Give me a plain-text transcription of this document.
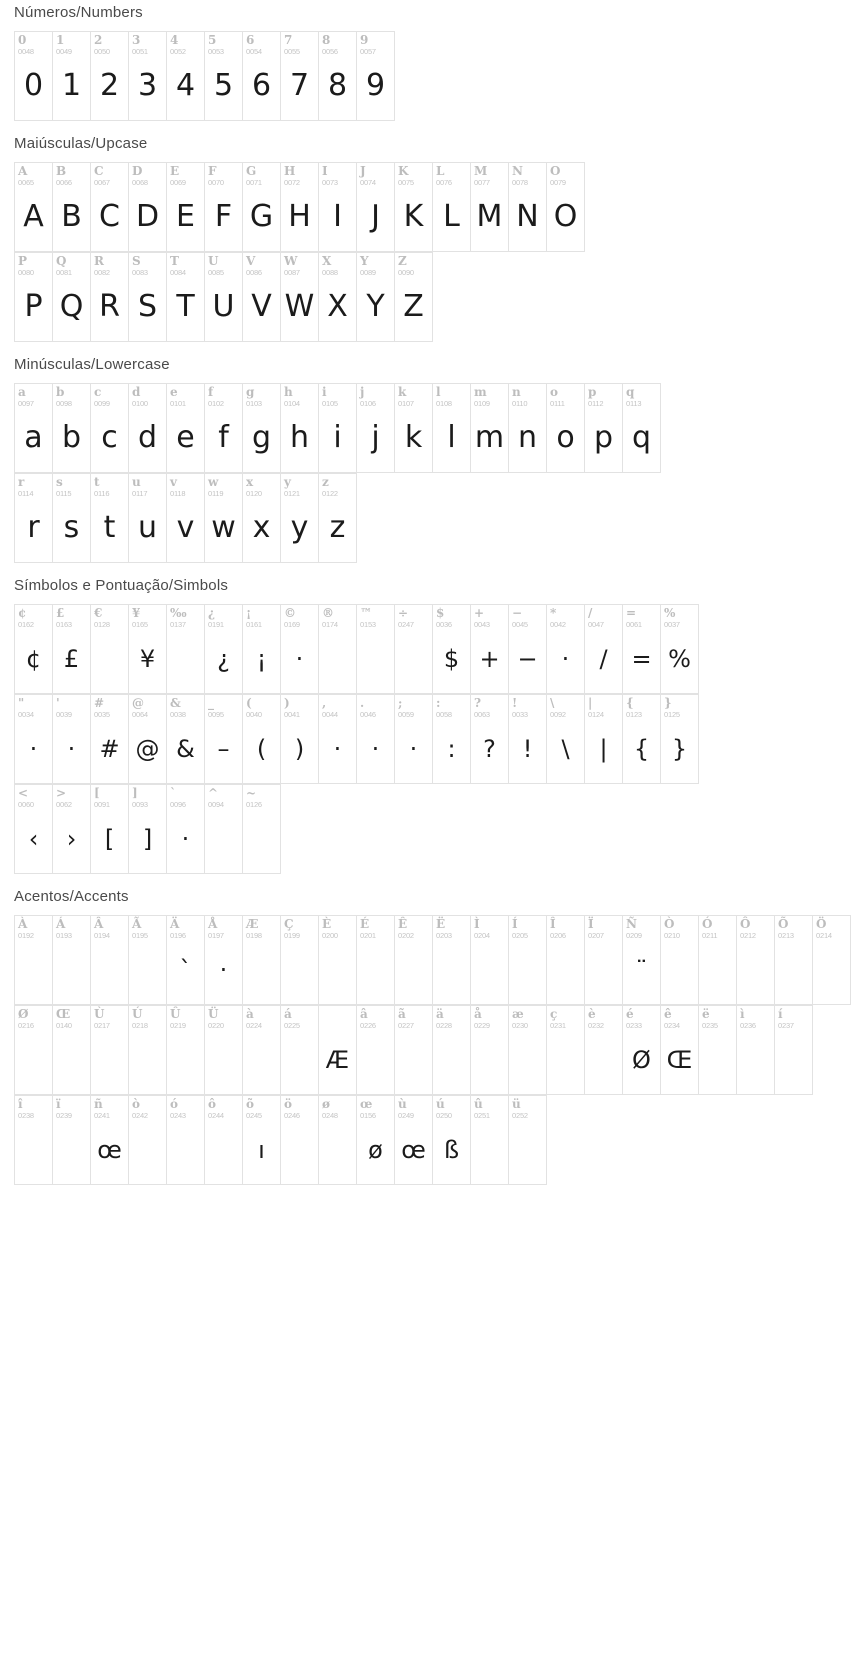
Números/Numbers
0
0048
0
1
0049
1
2
0050
2
3
0051
3
4
0052
4
5
0053
5
6
0054
6
7
0055
7
8
0056
8
9
0057
9
Maiúsculas/Upcase
A
0065
A
B
0066
B
C
0067
C
D
0068
D
E
0069
E
F
0070
F
G
0071
G
H
0072
H
I
0073
I
J
0074
J
K
0075
K
L
0076
L
M
0077
M
N
0078
N
O
0079
O
P
0080
P
Q
0081
Q
R
0082
R
S
0083
S
T
0084
T
U
0085
U
V
0086
V
W
0087
W
X
0088
X
Y
0089
Y
Z
0090
Z
Minúsculas/Lowercase
a
0097
a
b
0098
b
c
0099
c
d
0100
d
e
0101
e
f
0102
f
g
0103
g
h
0104
h
i
0105
i
j
0106
j
k
0107
k
l
0108
l
m
0109
m
n
0110
n
o
0111
o
p
0112
p
q
0113
q
r
0114
r
s
0115
s
t
0116
t
u
0117
u
v
0118
v
w
0119
w
x
0120
x
y
0121
y
z
0122
z
Símbolos e Pontuação/Simbols
¢
0162
¢
£
0163
£
€
0128
¥
0165
¥
‰
0137
¿
0191
¿
¡
0161
¡
©
0169
·
®
0174
™
0153
÷
0247
$
0036
$
+
0043
+
−
0045
−
*
0042
·
/
0047
/
=
0061
=
%
0037
%
"
0034
·
'
0039
·
#
0035
#
@
0064
@
&
0038
&
_
0095
–
(
0040
(
)
0041
)
,
0044
·
.
0046
·
;
0059
·
:
0058
:
?
0063
?
!
0033
!
\
0092
\
|
0124
|
{
0123
{
}
0125
}
<
0060
‹
>
0062
›
[
0091
[
]
0093
]
`
0096
·
^
0094
~
0126
Acentos/Accents
À
0192
Á
0193
Â
0194
Ã
0195
Ä
0196
`
Å
0197
·
Æ
0198
Ç
0199
È
0200
É
0201
Ê
0202
Ë
0203
Ì
0204
Í
0205
Î
0206
Ï
0207
Ñ
0209
¨
Ò
0210
Ó
0211
Ô
0212
Õ
0213
Ö
0214
Ø
0216
Œ
0140
Ù
0217
Ú
0218
Û
0219
Ü
0220
à
0224
á
0225
Æ
â
0226
ã
0227
ä
0228
å
0229
æ
0230
ç
0231
è
0232
é
0233
Ø
ê
0234
Œ
ë
0235
ì
0236
í
0237
î
0238
ï
0239
ñ
0241
œ
ò
0242
ó
0243
ô
0244
õ
0245
ı
ö
0246
ø
0248
œ
0156
ø
ù
0249
œ
ú
0250
ß
û
0251
ü
0252
